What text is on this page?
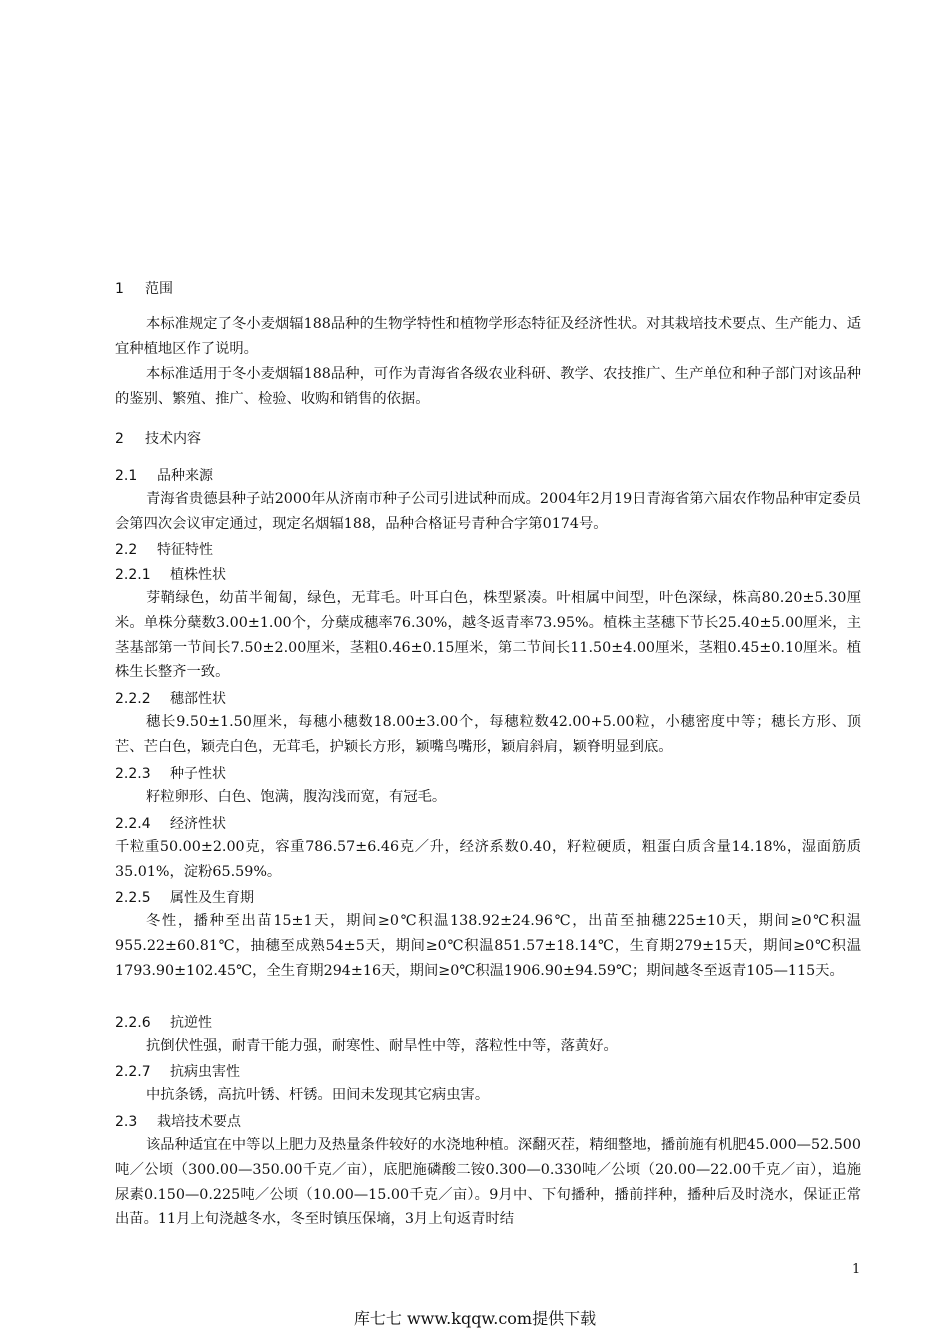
1 范围

本标准规定了冬小麦烟辐188品种的生物学特性和植物学形态特征及经济性状。对其栽培技术要点、生产能力、适宜种植地区作了说明。

本标准适用于冬小麦烟辐188品种，可作为青海省各级农业科研、教学、农技推广、生产单位和种子部门对该品种的鉴别、繁殖、推广、检验、收购和销售的依据。

2 技术内容
2.1 品种来源

青海省贵德县种子站2000年从济南市种子公司引进试种而成。2004年2月19日青海省第六届农作物品种审定委员会第四次会议审定通过，现定名烟辐188，品种合格证号青种合字第0174号。

2.2 特征特性
2.2.1 植株性状

芽鞘绿色，幼苗半匍匐，绿色，无茸毛。叶耳白色，株型紧凑。叶相属中间型，叶色深绿，株高80.20±5.30厘米。单株分蘖数3.00±1.00个，分蘖成穗率76.30%，越冬返青率73.95%。植株主茎穗下节长25.40±5.00厘米，主茎基部第一节间长7.50±2.00厘米，茎粗0.46±0.15厘米，第二节间长11.50±4.00厘米，茎粗0.45±0.10厘米。植株生长整齐一致。

2.2.2 穗部性状

穗长9.50±1.50厘米，每穗小穗数18.00±3.00个，每穗粒数42.00+5.00粒，小穗密度中等；穗长方形、顶芒、芒白色，颖壳白色，无茸毛，护颖长方形，颖嘴鸟嘴形，颖肩斜肩，颖脊明显到底。

2.2.3 种子性状

籽粒卵形、白色、饱满，腹沟浅而宽，有冠毛。

2.2.4 经济性状

千粒重50.00±2.00克，容重786.57±6.46克／升，经济系数0.40，籽粒硬质，粗蛋白质含量14.18%，湿面筋质35.01%，淀粉65.59%。

2.2.5 属性及生育期

冬性，播种至出苗15±1天，期间≥0℃积温138.92±24.96℃，出苗至抽穗225±10天，期间≥0℃积温955.22±60.81℃，抽穗至成熟54±5天，期间≥0℃积温851.57±18.14℃，生育期279±15天，期间≥0℃积温1793.90±102.45℃，全生育期294±16天，期间≥0℃积温1906.90±94.59℃；期间越冬至返青105—115天。

2.2.6 抗逆性

抗倒伏性强，耐青干能力强，耐寒性、耐旱性中等，落粒性中等，落黄好。

2.2.7 抗病虫害性

中抗条锈，高抗叶锈、杆锈。田间未发现其它病虫害。

2.3 栽培技术要点

该品种适宜在中等以上肥力及热量条件较好的水浇地种植。深翻灭茬，精细整地，播前施有机肥45.000—52.500吨／公顷（300.00—350.00千克／亩），底肥施磷酸二铵0.300—0.330吨／公顷（20.00—22.00千克／亩），追施尿素0.150—0.225吨／公顷（10.00—15.00千克／亩）。9月中、下旬播种，播前拌种，播种后及时浇水，保证正常出苗。11月上旬浇越冬水，冬至时镇压保墒，3月上旬返青时结

1
库七七 www.kqqw.com提供下载
